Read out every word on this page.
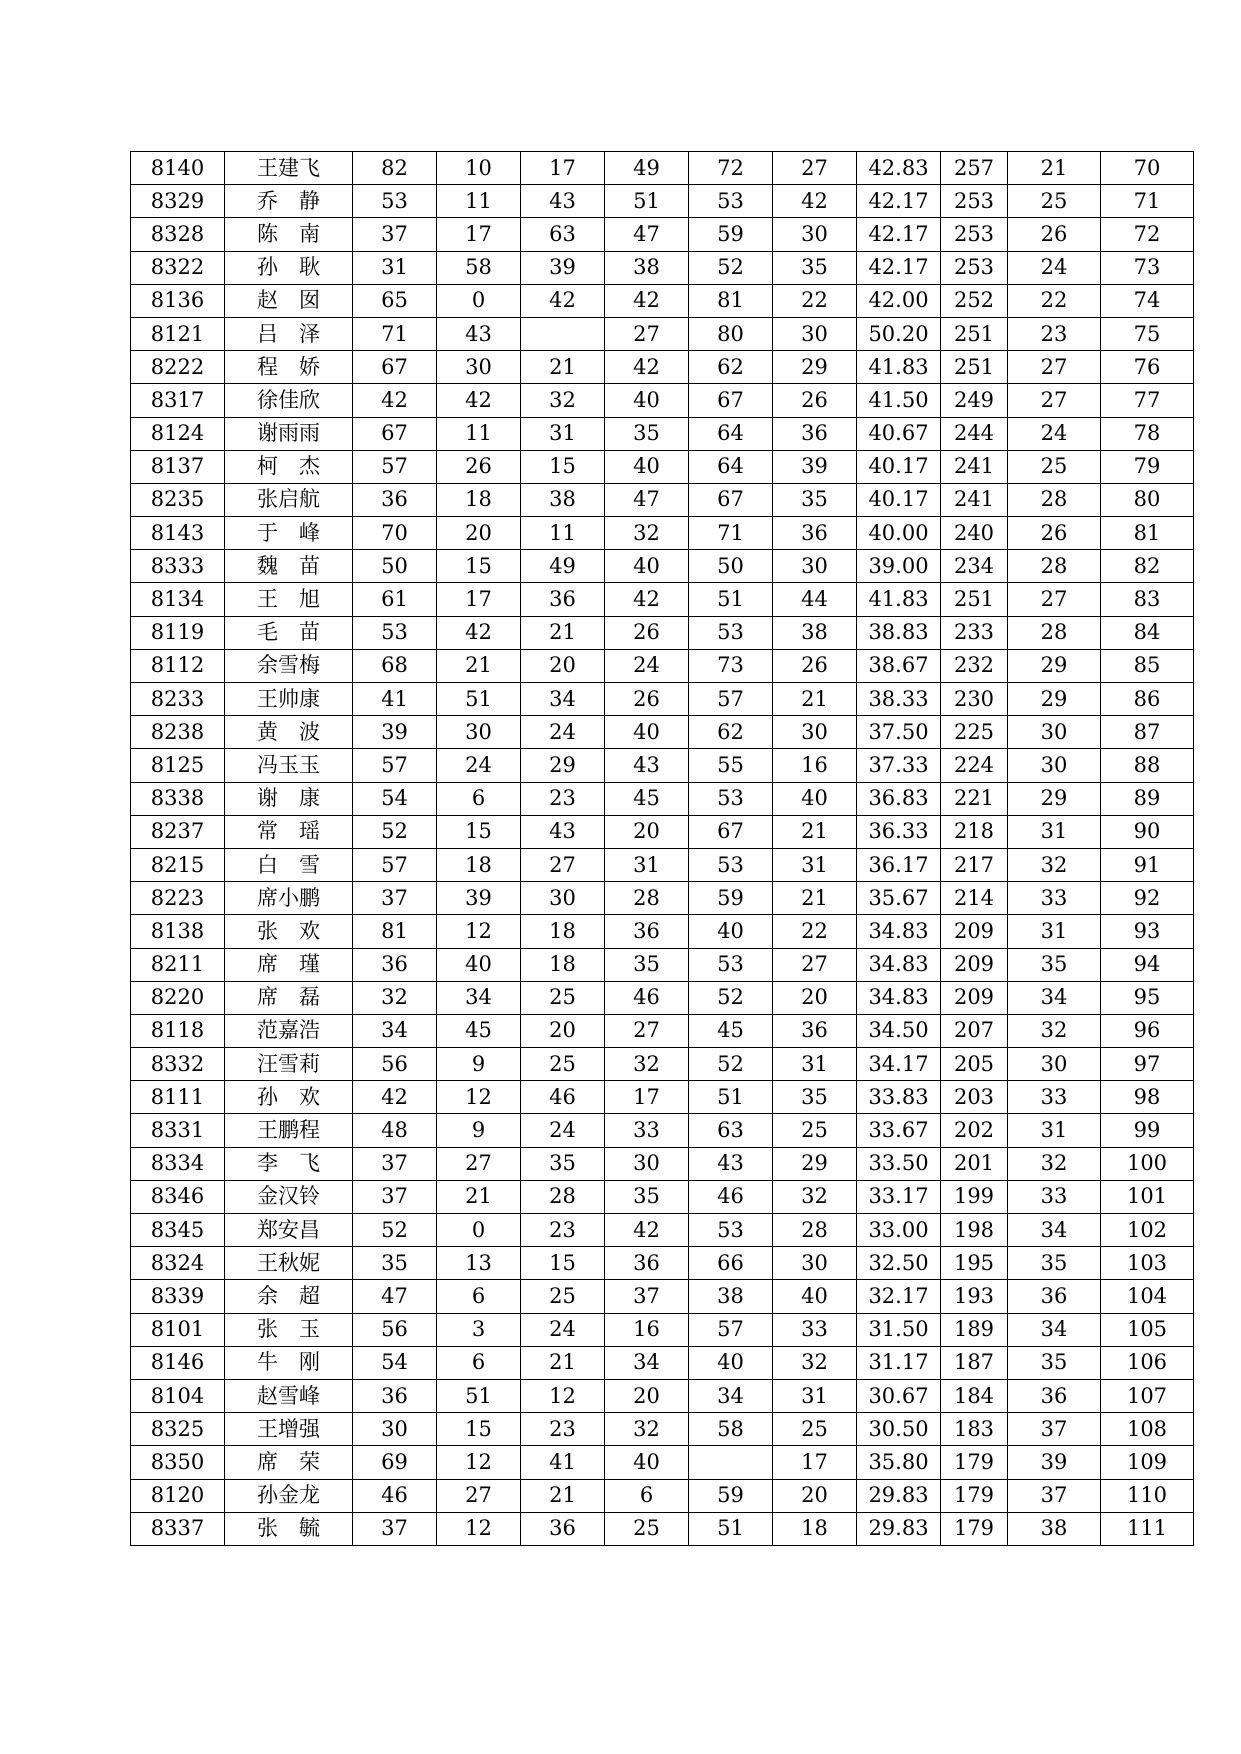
8140	王建飞	82	10	17	49	72	27	42.83	257	21	70
8329	乔　静	53	11	43	51	53	42	42.17	253	25	71
8328	陈　南	37	17	63	47	59	30	42.17	253	26	72
8322	孙　耿	31	58	39	38	52	35	42.17	253	24	73
8136	赵　囡	65	0	42	42	81	22	42.00	252	22	74
8121	吕　泽	71	43		27	80	30	50.20	251	23	75
8222	程　娇	67	30	21	42	62	29	41.83	251	27	76
8317	徐佳欣	42	42	32	40	67	26	41.50	249	27	77
8124	谢雨雨	67	11	31	35	64	36	40.67	244	24	78
8137	柯　杰	57	26	15	40	64	39	40.17	241	25	79
8235	张启航	36	18	38	47	67	35	40.17	241	28	80
8143	于　峰	70	20	11	32	71	36	40.00	240	26	81
8333	魏　苗	50	15	49	40	50	30	39.00	234	28	82
8134	王　旭	61	17	36	42	51	44	41.83	251	27	83
8119	毛　苗	53	42	21	26	53	38	38.83	233	28	84
8112	余雪梅	68	21	20	24	73	26	38.67	232	29	85
8233	王帅康	41	51	34	26	57	21	38.33	230	29	86
8238	黄　波	39	30	24	40	62	30	37.50	225	30	87
8125	冯玉玉	57	24	29	43	55	16	37.33	224	30	88
8338	谢　康	54	6	23	45	53	40	36.83	221	29	89
8237	常　瑶	52	15	43	20	67	21	36.33	218	31	90
8215	白　雪	57	18	27	31	53	31	36.17	217	32	91
8223	席小鹏	37	39	30	28	59	21	35.67	214	33	92
8138	张　欢	81	12	18	36	40	22	34.83	209	31	93
8211	席　瑾	36	40	18	35	53	27	34.83	209	35	94
8220	席　磊	32	34	25	46	52	20	34.83	209	34	95
8118	范嘉浩	34	45	20	27	45	36	34.50	207	32	96
8332	汪雪莉	56	9	25	32	52	31	34.17	205	30	97
8111	孙　欢	42	12	46	17	51	35	33.83	203	33	98
8331	王鹏程	48	9	24	33	63	25	33.67	202	31	99
8334	李　飞	37	27	35	30	43	29	33.50	201	32	100
8346	金汉铃	37	21	28	35	46	32	33.17	199	33	101
8345	郑安昌	52	0	23	42	53	28	33.00	198	34	102
8324	王秋妮	35	13	15	36	66	30	32.50	195	35	103
8339	余　超	47	6	25	37	38	40	32.17	193	36	104
8101	张　玉	56	3	24	16	57	33	31.50	189	34	105
8146	牛　刚	54	6	21	34	40	32	31.17	187	35	106
8104	赵雪峰	36	51	12	20	34	31	30.67	184	36	107
8325	王增强	30	15	23	32	58	25	30.50	183	37	108
8350	席　荣	69	12	41	40		17	35.80	179	39	109
8120	孙金龙	46	27	21	6	59	20	29.83	179	37	110
8337	张　毓	37	12	36	25	51	18	29.83	179	38	111
